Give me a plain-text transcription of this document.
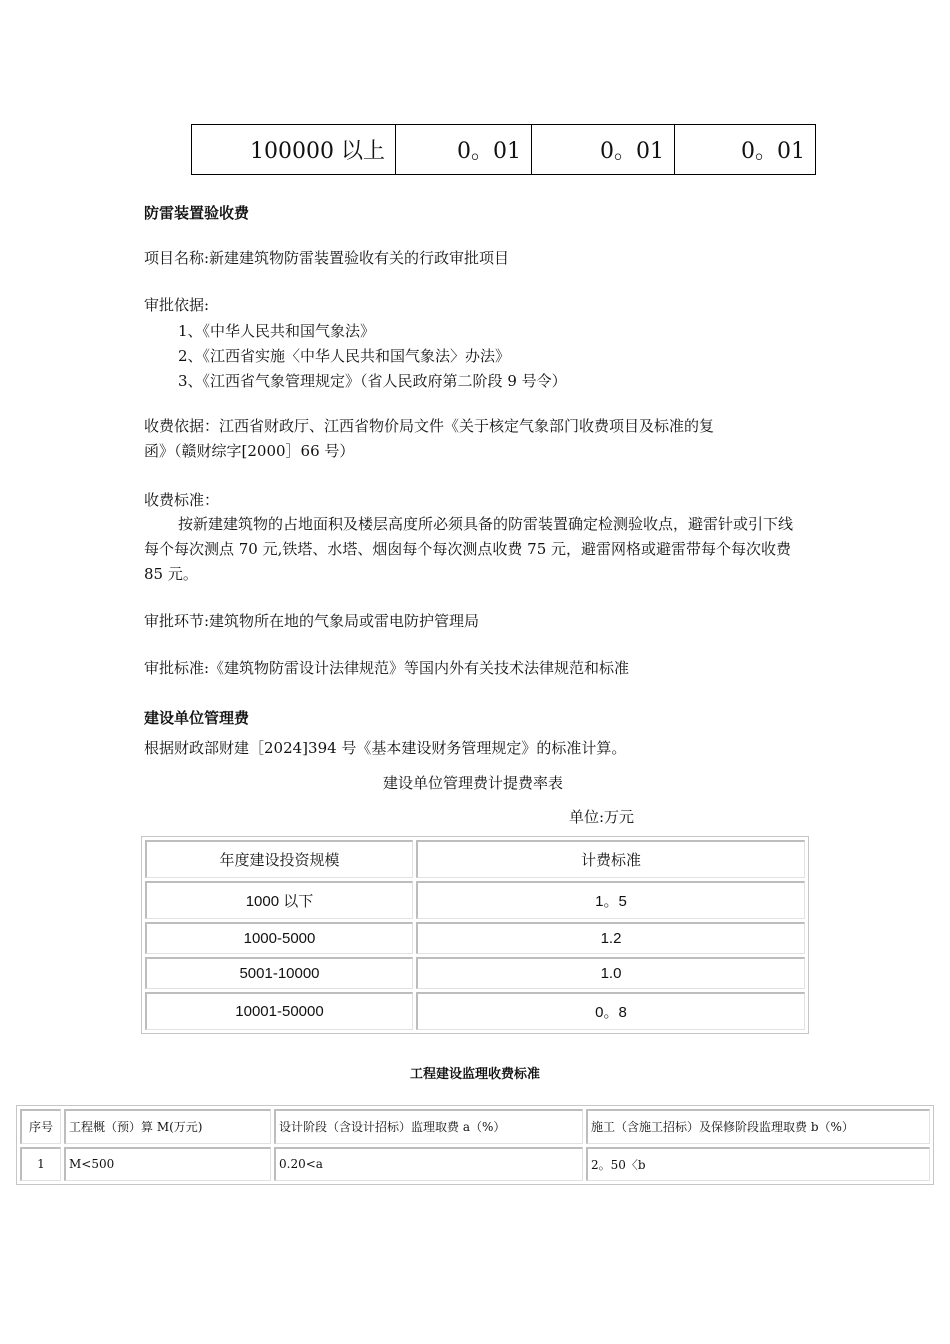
100000 以上	0。01	0。01	0。01
防雷装置验收费
项目名称:新建建筑物防雷装置验收有关的行政审批项目
审批依据:
1、《中华人民共和国气象法》
2、《江西省实施〈中华人民共和国气象法〉办法》
3、《江西省气象管理规定》（省人民政府第二阶段 9 号令）
收费依据：江西省财政厅、江西省物价局文件《关于核定气象部门收费项目及标准的复
函》（赣财综字[2000］66 号）
收费标准：
按新建建筑物的占地面积及楼层高度所必须具备的防雷装置确定检测验收点，避雷针或引下线每个每次测点 70 元,铁塔、水塔、烟囱每个每次测点收费 75 元，避雷网格或避雷带每个每次收费 85 元。
审批环节:建筑物所在地的气象局或雷电防护管理局
审批标准:《建筑物防雷设计法律规范》等国内外有关技术法律规范和标准
建设单位管理费
根据财政部财建［2024]394 号《基本建设财务管理规定》的标准计算。
建设单位管理费计提费率表
单位:万元
年度建设投资规模	计费标准
1000 以下	1。5
1000-5000	1.2
5001-10000	1.0
10001-50000	0。8
工程建设监理收费标准
序号	工程概（预）算 M(万元)	设计阶段（含设计招标）监理取费 a（%）	施工（含施工招标）及保修阶段监理取费 b（%）
1	M<500	0.20<a	2。50〈b
